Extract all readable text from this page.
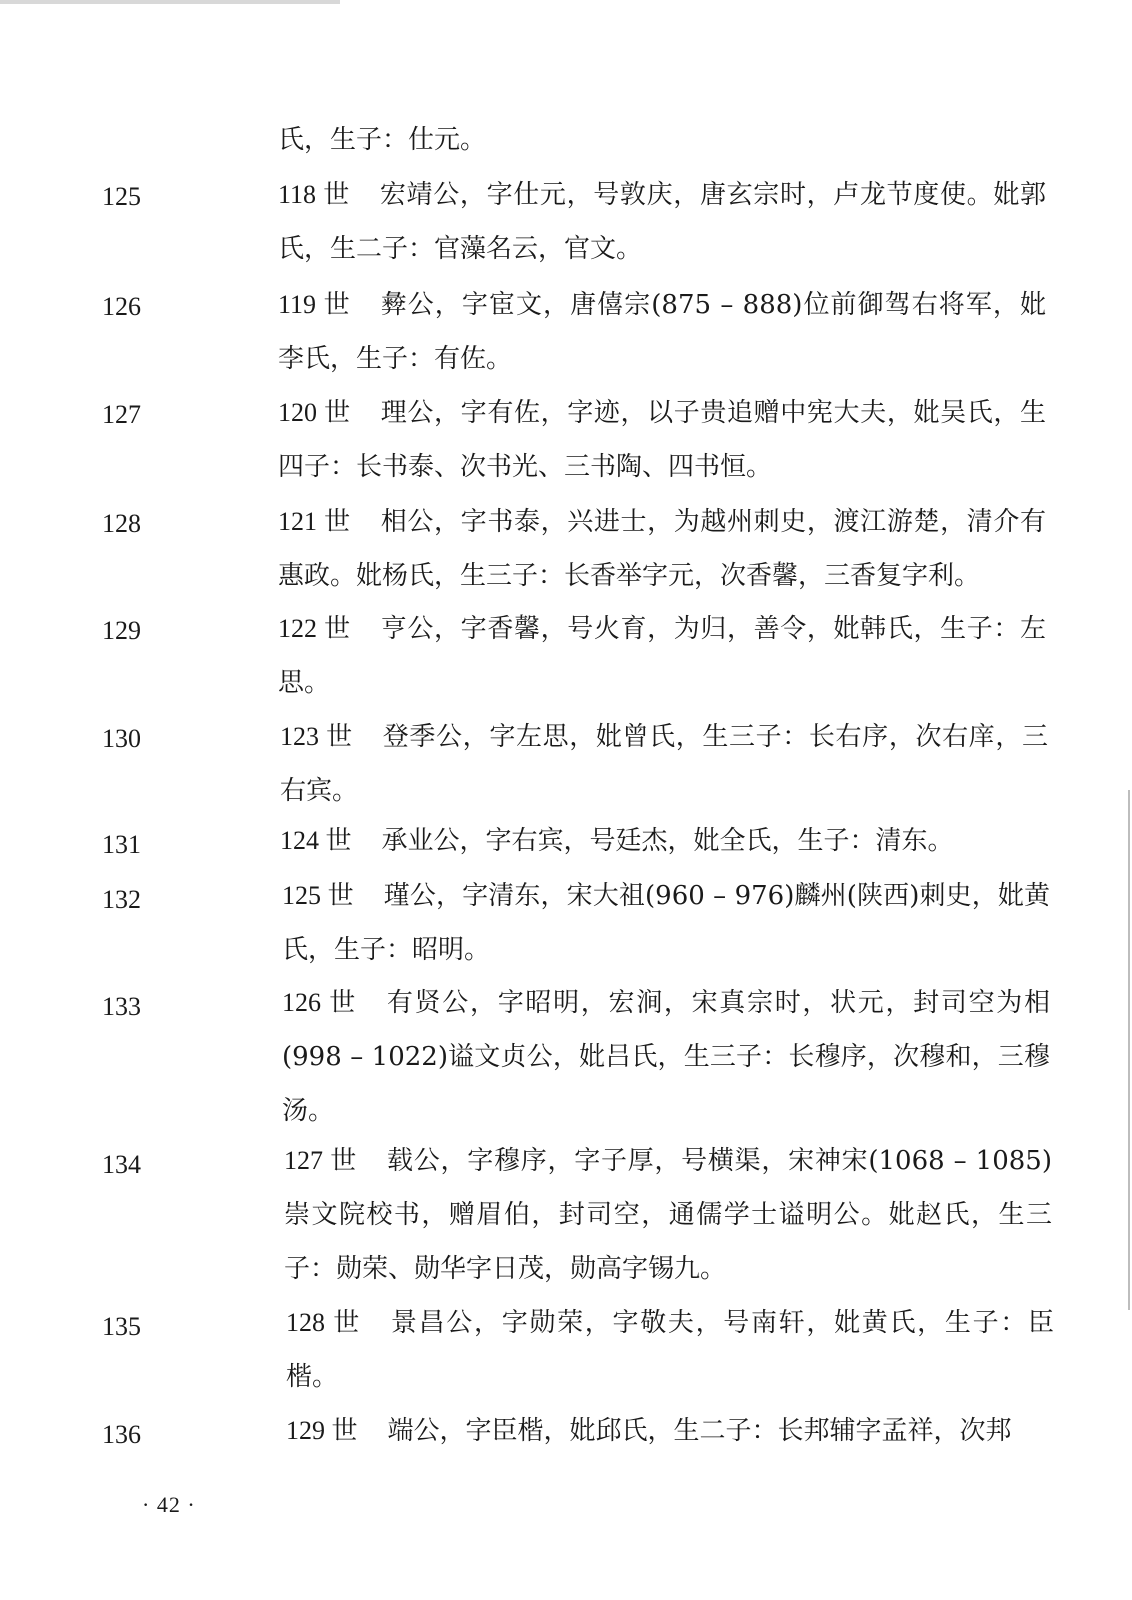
氏，生子：仕元。
125	118 世 宏靖公，字仕元，号敦庆，唐玄宗时，卢龙节度使。妣郭氏，生二子：官藻名云，官文。
126	119 世 彜公，字宦文，唐僖宗(875 – 888)位前御驾右将军，妣李氏，生子：有佐。
127	120 世 理公，字有佐，字迹，以子贵追赠中宪大夫，妣吴氏，生四子：长书泰、次书光、三书陶、四书恒。
128	121 世 相公，字书泰，兴进士，为越州刺史，渡江游楚，清介有惠政。妣杨氏，生三子：长香举字元，次香馨，三香复字利。
129	122 世 亨公，字香馨，号火育，为归，善令，妣韩氏，生子：左思。
130	123 世 登季公，字左思，妣曾氏，生三子：长右序，次右庠，三右宾。
131	124 世 承业公，字右宾，号廷杰，妣全氏，生子：清东。
132	125 世 瑾公，字清东，宋大祖(960 – 976)麟州(陕西)刺史，妣黄氏，生子：昭明。
133	126 世 有贤公，字昭明，宏涧，宋真宗时，状元，封司空为相(998 – 1022)谥文贞公，妣吕氏，生三子：长穆序，次穆和，三穆汤。
134	127 世 载公，字穆序，字子厚，号横渠，宋神宋(1068 – 1085)崇文院校书，赠眉伯，封司空，通儒学士谥明公。妣赵氏，生三子：勋荣、勋华字日茂，勋高字锡九。
135	128 世 景昌公，字勋荣，字敬夫，号南轩，妣黄氏，生子：臣楷。
136	129 世 端公，字臣楷，妣邱氏，生二子：长邦辅字孟祥，次邦
· 42 ·
